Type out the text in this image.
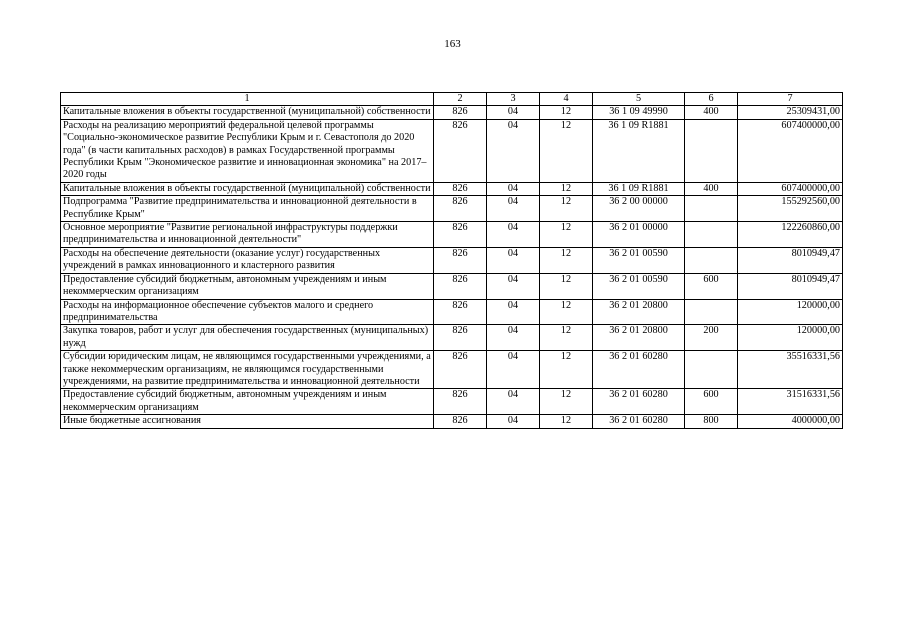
163
1	2	3	4	5	6	7
Капитальные вложения в объекты государственной (муниципальной) собственности	826	04	12	36 1 09 49990	400	25309431,00
Расходы на реализацию мероприятий федеральной целевой программы "Социально-экономическое развитие Республики Крым и г. Севастополя до 2020 года" (в части капитальных расходов) в рамках Государственной программы Республики Крым "Экономическое развитие и инновационная экономика" на 2017–2020 годы	826	04	12	36 1 09 R1881		607400000,00
Капитальные вложения в объекты государственной (муниципальной) собственности	826	04	12	36 1 09 R1881	400	607400000,00
Подпрограмма "Развитие предпринимательства и инновационной деятельности в Республике Крым"	826	04	12	36 2 00 00000		155292560,00
Основное мероприятие "Развитие региональной инфраструктуры поддержки предпринимательства и инновационной деятельности"	826	04	12	36 2 01 00000		122260860,00
Расходы на обеспечение деятельности (оказание услуг) государственных учреждений в рамках инновационного и кластерного развития	826	04	12	36 2 01 00590		8010949,47
Предоставление субсидий бюджетным, автономным учреждениям и иным некоммерческим организациям	826	04	12	36 2 01 00590	600	8010949,47
Расходы на информационное обеспечение субъектов малого и среднего предпринимательства	826	04	12	36 2 01 20800		120000,00
Закупка товаров, работ и услуг для обеспечения государственных (муниципальных) нужд	826	04	12	36 2 01 20800	200	120000,00
Субсидии юридическим лицам, не являющимся государственными учреждениями, а также некоммерческим организациям, не являющимся государственными учреждениями, на развитие предпринимательства и инновационной деятельности	826	04	12	36 2 01 60280		35516331,56
Предоставление субсидий бюджетным, автономным учреждениям и иным некоммерческим организациям	826	04	12	36 2 01 60280	600	31516331,56
Иные бюджетные ассигнования	826	04	12	36 2 01 60280	800	4000000,00
